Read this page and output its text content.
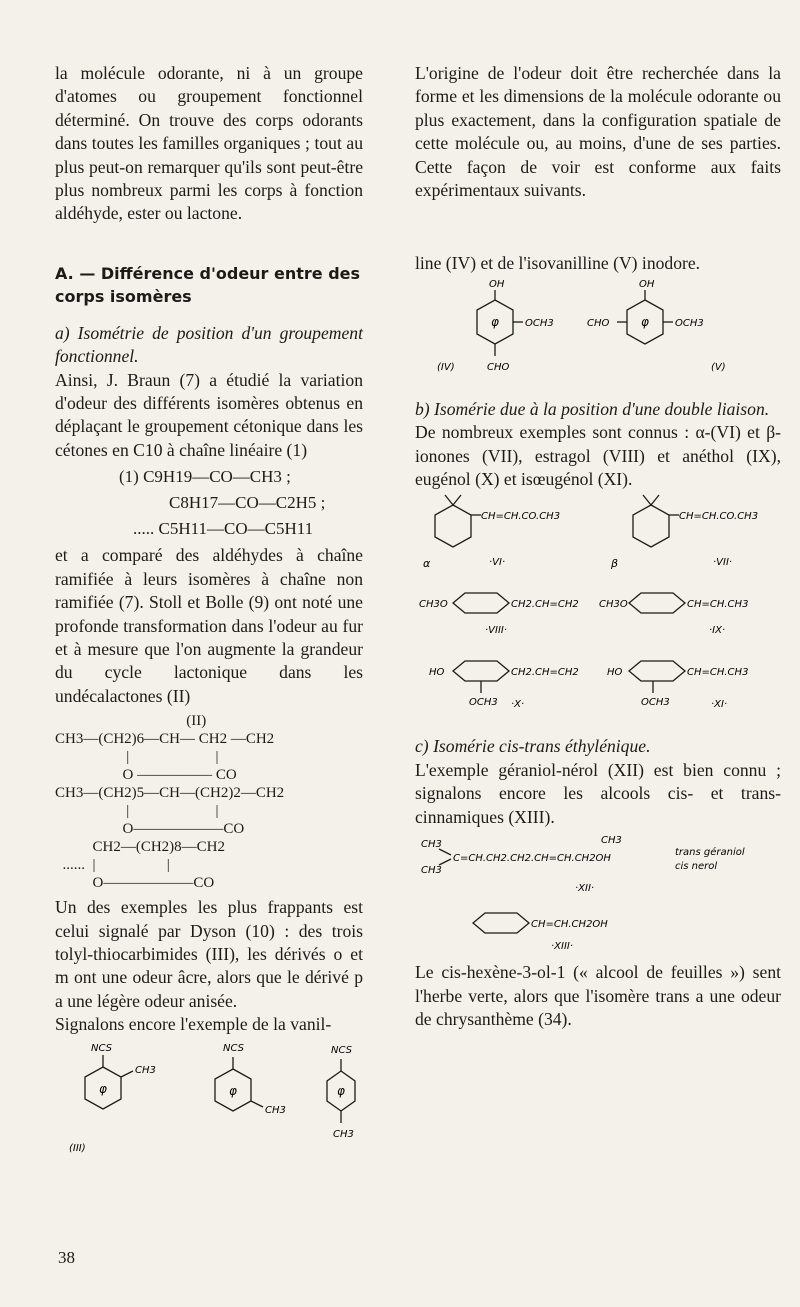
la molécule odorante, ni à un groupe d'atomes ou groupement fonctionnel déterminé. On trouve des corps odorants dans toutes les familles organiques ; tout au plus peut-on remarquer qu'ils sont peut-être plus nombreux parmi les corps à fonction aldéhyde, ester ou lactone.

A. — Différence d'odeur entre des corps isomères

a) Isométrie de position d'un groupement fonctionnel.

Ainsi, J. Braun (7) a étudié la variation d'odeur des différents isomères obtenus en déplaçant le groupement cétonique dans les cétones en C10 à chaîne linéaire (1)

(1) C9H19—CO—CH3 ;
C8H17—CO—C2H5 ;
..... C5H11—CO—C5H11

et a comparé des aldéhydes à chaîne ramifiée à leurs isomères à chaîne non ramifiée (7). Stoll et Bolle (9) ont noté une profonde transformation dans l'odeur au fur et à mesure que l'on augmente la grandeur du cycle lactonique dans les undécalactones (II)

(II)
CH3—(CH2)6—CH— CH2 —CH2
|                       |
O ————— CO
CH3—(CH2)5—CH—(CH2)2—CH2
|                       |
O——————CO
CH2—(CH2)8—CH2
......  |                   |
O——————CO

Un des exemples les plus frappants est celui signalé par Dyson (10) : des trois tolyl-thiocarbimides (III), les dérivés o et m ont une odeur âcre, alors que le dérivé p a une légère odeur anisée.

Signalons encore l'exemple de la vanil-

NCS
CH3
NCS
CH3
NCS
CH3
φ	φ	φ
(III)

L'origine de l'odeur doit être recherchée dans la forme et les dimensions de la molécule odorante ou plus exactement, dans la configuration spatiale de cette molécule ou, au moins, d'une de ses parties. Cette façon de voir est conforme aux faits expérimentaux suivants.

line (IV) et de l'isovanilline (V) inodore.

OH
OCH3
CHO
(IV)
OH
CHO	OCH3
(V)
φ	φ

b) Isomérie due à la position d'une double liaison.

De nombreux exemples sont connus : α-(VI) et β-ionones (VII), estragol (VIII) et anéthol (IX), eugénol (X) et isœugénol (XI).

CH=CH.CO.CH3
·VI·
α
CH=CH.CO.CH3
·VII·
β
CH3O	CH2.CH=CH2
·VIII·
CH3O	CH=CH.CH3
·IX·
HO	CH2.CH=CH2
OCH3 ·X·
HO	CH=CH.CH3
OCH3	·XI·

c) Isomérie cis-trans éthylénique.

L'exemple géraniol-nérol (XII) est bien connu ; signalons encore les alcools cis- et trans-cinnamiques (XIII).

CH3
C=CH.CH2.CH2.CH=CH.CH2OH
CH3
CH3
trans géraniol
cis nerol
·XII·
CH=CH.CH2OH
·XIII·

Le cis-hexène-3-ol-1 (« alcool de feuilles ») sent l'herbe verte, alors que l'isomère trans a une odeur de chrysanthème (34).

38
